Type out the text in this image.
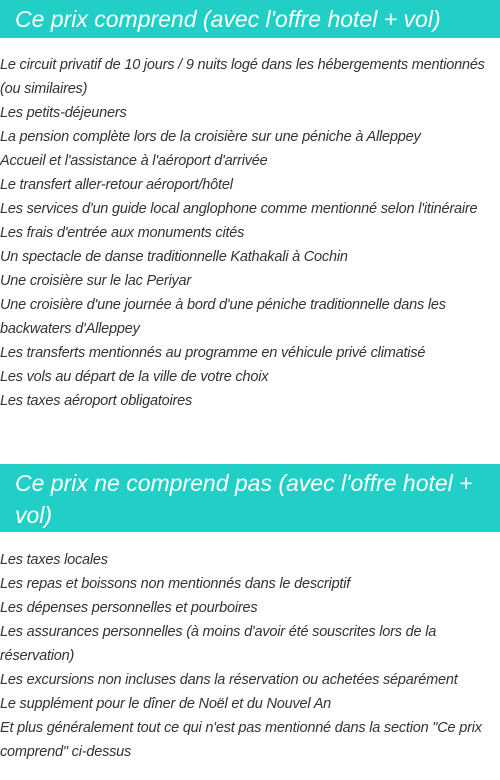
Ce prix comprend (avec l'offre hotel + vol)
Le circuit privatif de 10 jours / 9 nuits logé dans les hébergements mentionnés (ou similaires)
Les petits-déjeuners
La pension complète lors de la croisière sur une péniche à Alleppey
Accueil et l'assistance à l'aéroport d'arrivée
Le transfert aller-retour aéroport/hôtel
Les services d'un guide local anglophone comme mentionné selon l'itinéraire
Les frais d'entrée aux monuments cités
Un spectacle de danse traditionnelle Kathakali à Cochin
Une croisière sur le lac Periyar
Une croisière d'une journée à bord d'une péniche traditionnelle dans les backwaters d'Alleppey
Les transferts mentionnés au programme en véhicule privé climatisé
Les vols au départ de la ville de votre choix
Les taxes aéroport obligatoires
Ce prix ne comprend pas (avec l'offre hotel + vol)
Les taxes locales
Les repas et boissons non mentionnés dans le descriptif
Les dépenses personnelles et pourboires
Les assurances personnelles (à moins d'avoir été souscrites lors de la réservation)
Les excursions non incluses dans la réservation ou achetées séparément
Le supplément pour le dîner de Noël et du Nouvel An
Et plus généralement tout ce qui n'est pas mentionné dans la section "Ce prix comprend" ci-dessus
